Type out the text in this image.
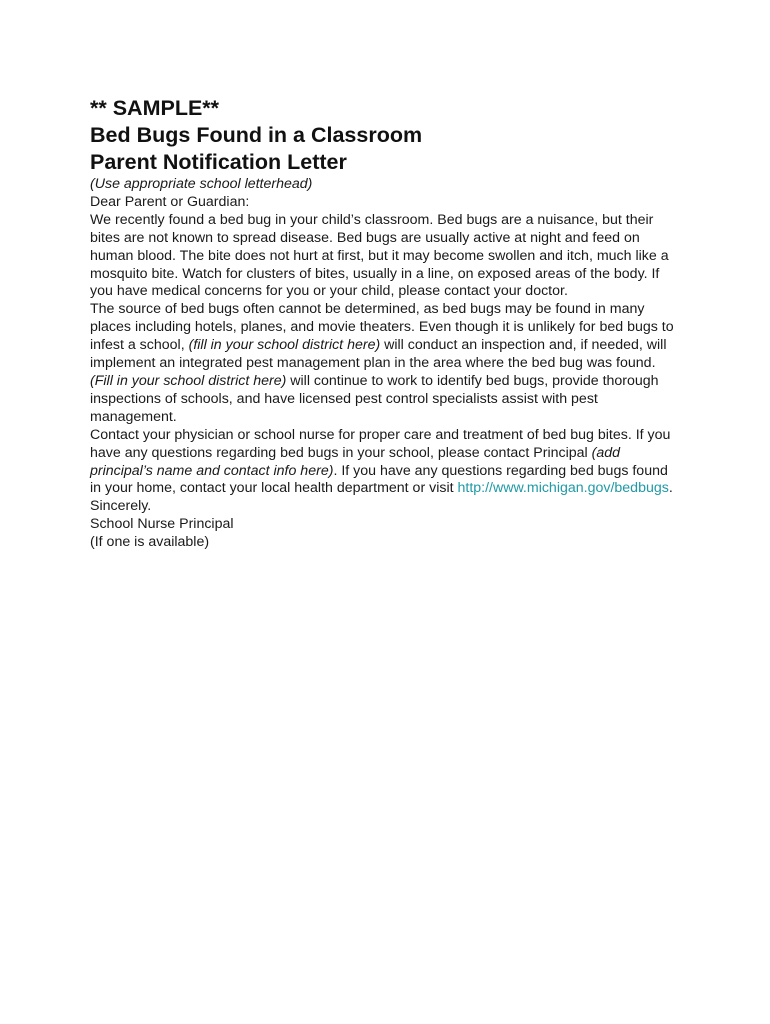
** SAMPLE**
Bed Bugs Found in a Classroom
Parent Notification Letter

(Use appropriate school letterhead)

Dear Parent or Guardian:

We recently found a bed bug in your child’s classroom. Bed bugs are a nuisance, but their bites are not known to spread disease. Bed bugs are usually active at night and feed on human blood. The bite does not hurt at first, but it may become swollen and itch, much like a mosquito bite. Watch for clusters of bites, usually in a line, on exposed areas of the body. If you have medical concerns for you or your child, please contact your doctor.

The source of bed bugs often cannot be determined, as bed bugs may be found in many places including hotels, planes, and movie theaters. Even though it is unlikely for bed bugs to infest a school, (fill in your school district here) will conduct an inspection and, if needed, will implement an integrated pest management plan in the area where the bed bug was found. (Fill in your school district here) will continue to work to identify bed bugs, provide thorough inspections of schools, and have licensed pest control specialists assist with pest management.

Contact your physician or school nurse for proper care and treatment of bed bug bites. If you have any questions regarding bed bugs in your school, please contact Principal (add principal’s name and contact info here). If you have any questions regarding bed bugs found in your home, contact your local health department or visit http://www.michigan.gov/bedbugs.

Sincerely.

School Nurse Principal

(If one is available)
